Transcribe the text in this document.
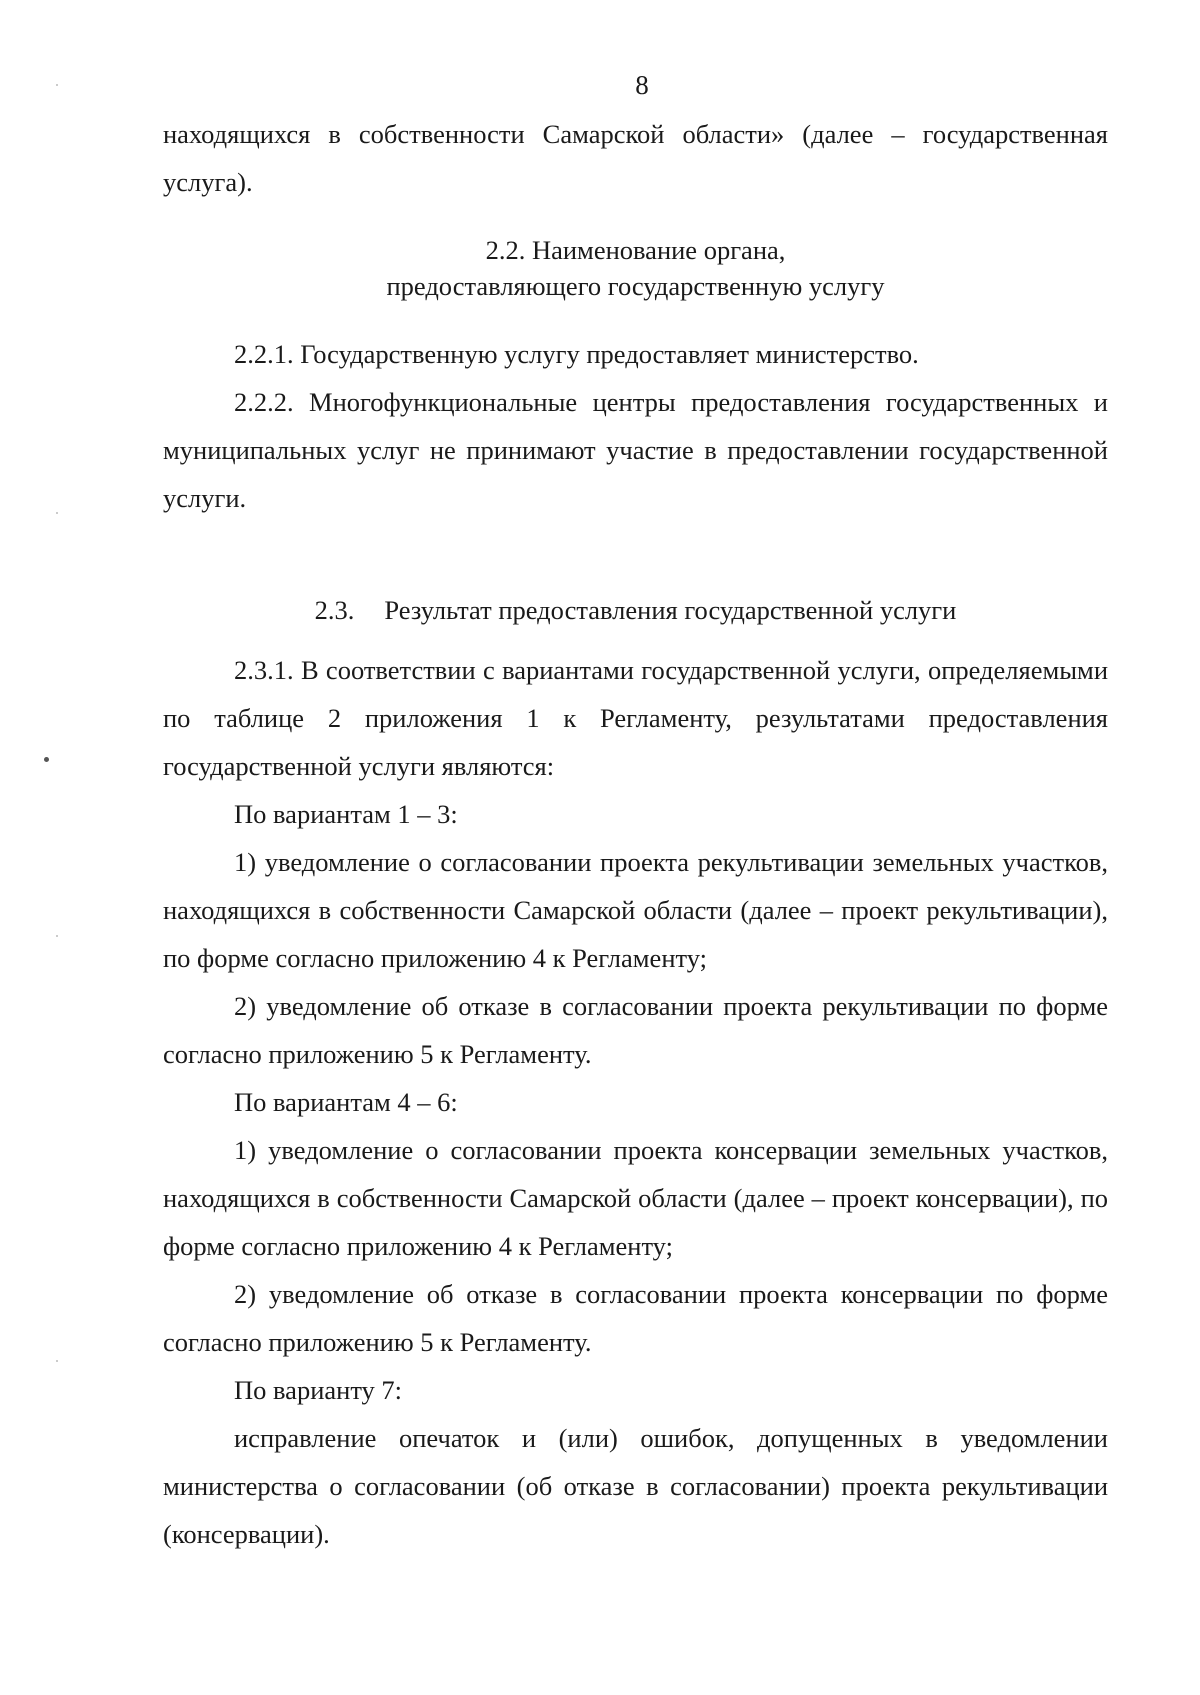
8

находящихся в собственности Самарской области» (далее – государственная услуга).

2.2. Наименование органа,

предоставляющего государственную услугу

2.2.1. Государственную услугу предоставляет министерство.

2.2.2. Многофункциональные центры предоставления государственных и муниципальных услуг не принимают участие в предоставлении государственной услуги.

2.3. Результат предоставления государственной услуги

2.3.1. В соответствии с вариантами государственной услуги, определяемыми по таблице 2 приложения 1 к Регламенту, результатами предоставления государственной услуги являются:

По вариантам 1 – 3:

1) уведомление о согласовании проекта рекультивации земельных участков, находящихся в собственности Самарской области (далее – проект рекультивации), по форме согласно приложению 4 к Регламенту;

2) уведомление об отказе в согласовании проекта рекультивации по форме согласно приложению 5 к Регламенту.

По вариантам 4 – 6:

1) уведомление о согласовании проекта консервации земельных участков, находящихся в собственности Самарской области (далее – проект консервации), по форме согласно приложению 4 к Регламенту;

2) уведомление об отказе в согласовании проекта консервации по форме согласно приложению 5 к Регламенту.

По варианту 7:

исправление опечаток и (или) ошибок, допущенных в уведомлении министерства о согласовании (об отказе в согласовании) проекта рекультивации (консервации).
